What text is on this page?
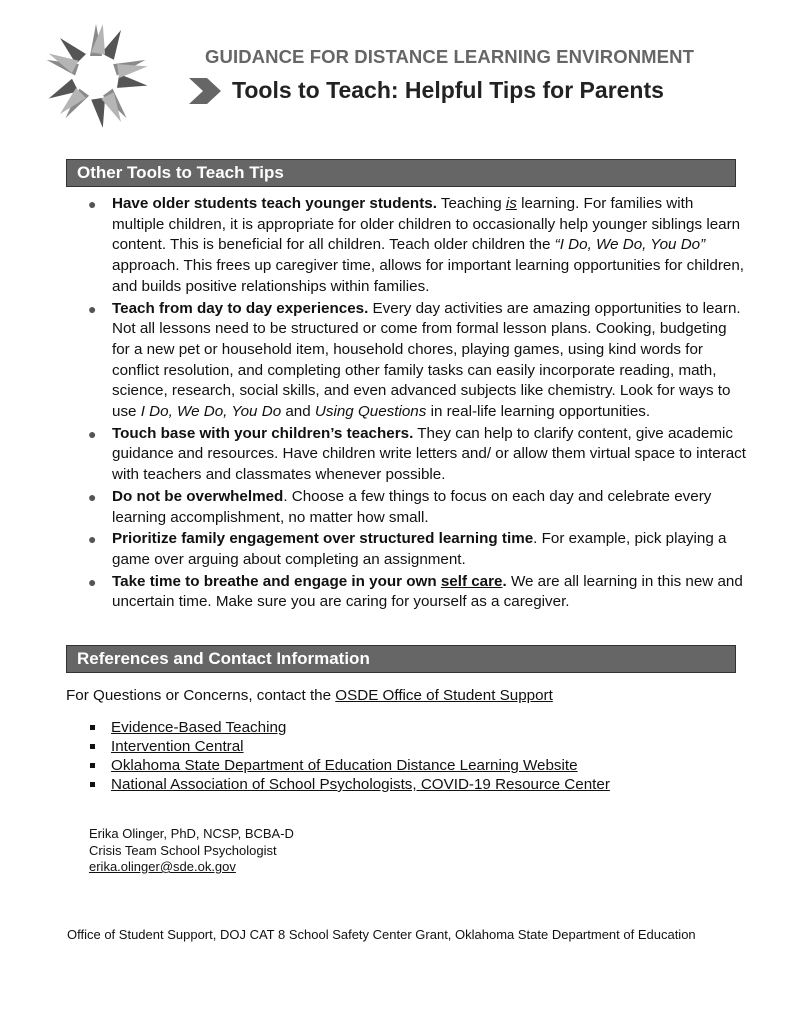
GUIDANCE FOR DISTANCE LEARNING ENVIRONMENT
Tools to Teach: Helpful Tips for Parents
Other Tools to Teach Tips
● Have older students teach younger students. Teaching is learning. For families with multiple children, it is appropriate for older children to occasionally help younger siblings learn content. This is beneficial for all children. Teach older children the “I Do, We Do, You Do” approach. This frees up caregiver time, allows for important learning opportunities for children, and builds positive relationships within families.
● Teach from day to day experiences. Every day activities are amazing opportunities to learn. Not all lessons need to be structured or come from formal lesson plans. Cooking, budgeting for a new pet or household item, household chores, playing games, using kind words for conflict resolution, and completing other family tasks can easily incorporate reading, math, science, research, social skills, and even advanced subjects like chemistry. Look for ways to use I Do, We Do, You Do and Using Questions in real-life learning opportunities.
● Touch base with your children’s teachers. They can help to clarify content, give academic guidance and resources. Have children write letters and/ or allow them virtual space to interact with teachers and classmates whenever possible.
● Do not be overwhelmed. Choose a few things to focus on each day and celebrate every learning accomplishment, no matter how small.
● Prioritize family engagement over structured learning time. For example, pick playing a game over arguing about completing an assignment.
● Take time to breathe and engage in your own self care. We are all learning in this new and uncertain time. Make sure you are caring for yourself as a caregiver.
References and Contact Information
For Questions or Concerns, contact the OSDE Office of Student Support
Evidence-Based Teaching
Intervention Central
Oklahoma State Department of Education Distance Learning Website
National Association of School Psychologists, COVID-19 Resource Center
Erika Olinger, PhD, NCSP, BCBA-D
Crisis Team School Psychologist
erika.olinger@sde.ok.gov
Office of Student Support, DOJ CAT 8 School Safety Center Grant, Oklahoma State Department of Education
